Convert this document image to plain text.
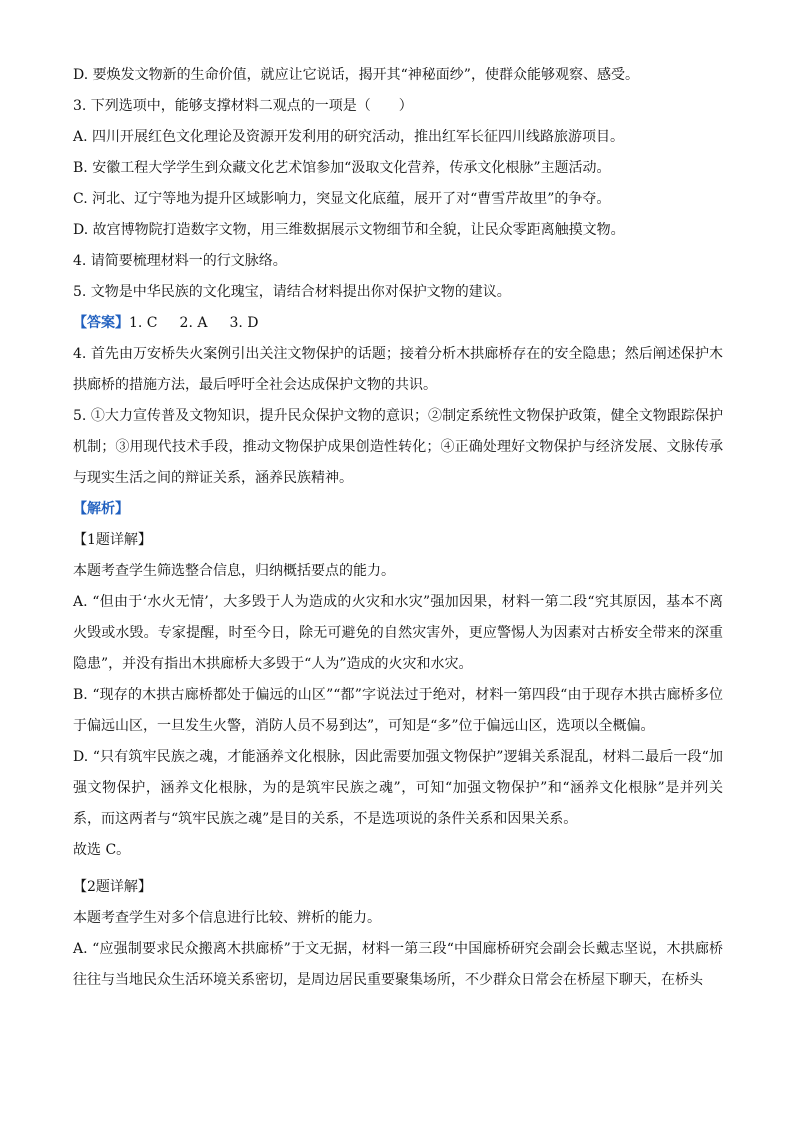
D. 要焕发文物新的生命价值，就应让它说话，揭开其“神秘面纱”，使群众能够观察、感受。

3. 下列选项中，能够支撑材料二观点的一项是（　　）

A. 四川开展红色文化理论及资源开发利用的研究活动，推出红军长征四川线路旅游项目。

B. 安徽工程大学学生到众藏文化艺术馆参加“汲取文化营养，传承文化根脉”主题活动。

C. 河北、辽宁等地为提升区域影响力，突显文化底蕴，展开了对“曹雪芹故里”的争夺。

D. 故宫博物院打造数字文物，用三维数据展示文物细节和全貌，让民众零距离触摸文物。

4. 请简要梳理材料一的行文脉络。

5. 文物是中华民族的文化瑰宝，请结合材料提出你对保护文物的建议。

【答案】1. C 2. A 3. D

4. 首先由万安桥失火案例引出关注文物保护的话题；接着分析木拱廊桥存在的安全隐患；然后阐述保护木拱廊桥的措施方法，最后呼吁全社会达成保护文物的共识。

5. ①大力宣传普及文物知识，提升民众保护文物的意识；②制定系统性文物保护政策，健全文物跟踪保护机制；③用现代技术手段，推动文物保护成果创造性转化；④正确处理好文物保护与经济发展、文脉传承与现实生活之间的辩证关系，涵养民族精神。

【解析】

【1题详解】

本题考查学生筛选整合信息，归纳概括要点的能力。

A. “但由于‘水火无情’，大多毁于人为造成的火灾和水灾”强加因果，材料一第二段“究其原因，基本不离火毁或水毁。专家提醒，时至今日，除无可避免的自然灾害外，更应警惕人为因素对古桥安全带来的深重隐患”，并没有指出木拱廊桥大多毁于“人为”造成的火灾和水灾。

B. “现存的木拱古廊桥都处于偏远的山区”“都”字说法过于绝对，材料一第四段“由于现存木拱古廊桥多位于偏远山区，一旦发生火警，消防人员不易到达”，可知是“多”位于偏远山区，选项以全概偏。

D. “只有筑牢民族之魂，才能涵养文化根脉，因此需要加强文物保护”逻辑关系混乱，材料二最后一段“加强文物保护，涵养文化根脉，为的是筑牢民族之魂”，可知“加强文物保护”和“涵养文化根脉”是并列关系，而这两者与“筑牢民族之魂”是目的关系，不是选项说的条件关系和因果关系。

故选 C。

【2题详解】

本题考查学生对多个信息进行比较、辨析的能力。

A. “应强制要求民众搬离木拱廊桥”于文无据，材料一第三段“中国廊桥研究会副会长戴志坚说，木拱廊桥往往与当地民众生活环境关系密切，是周边居民重要聚集场所，不少群众日常会在桥屋下聊天，在桥头
